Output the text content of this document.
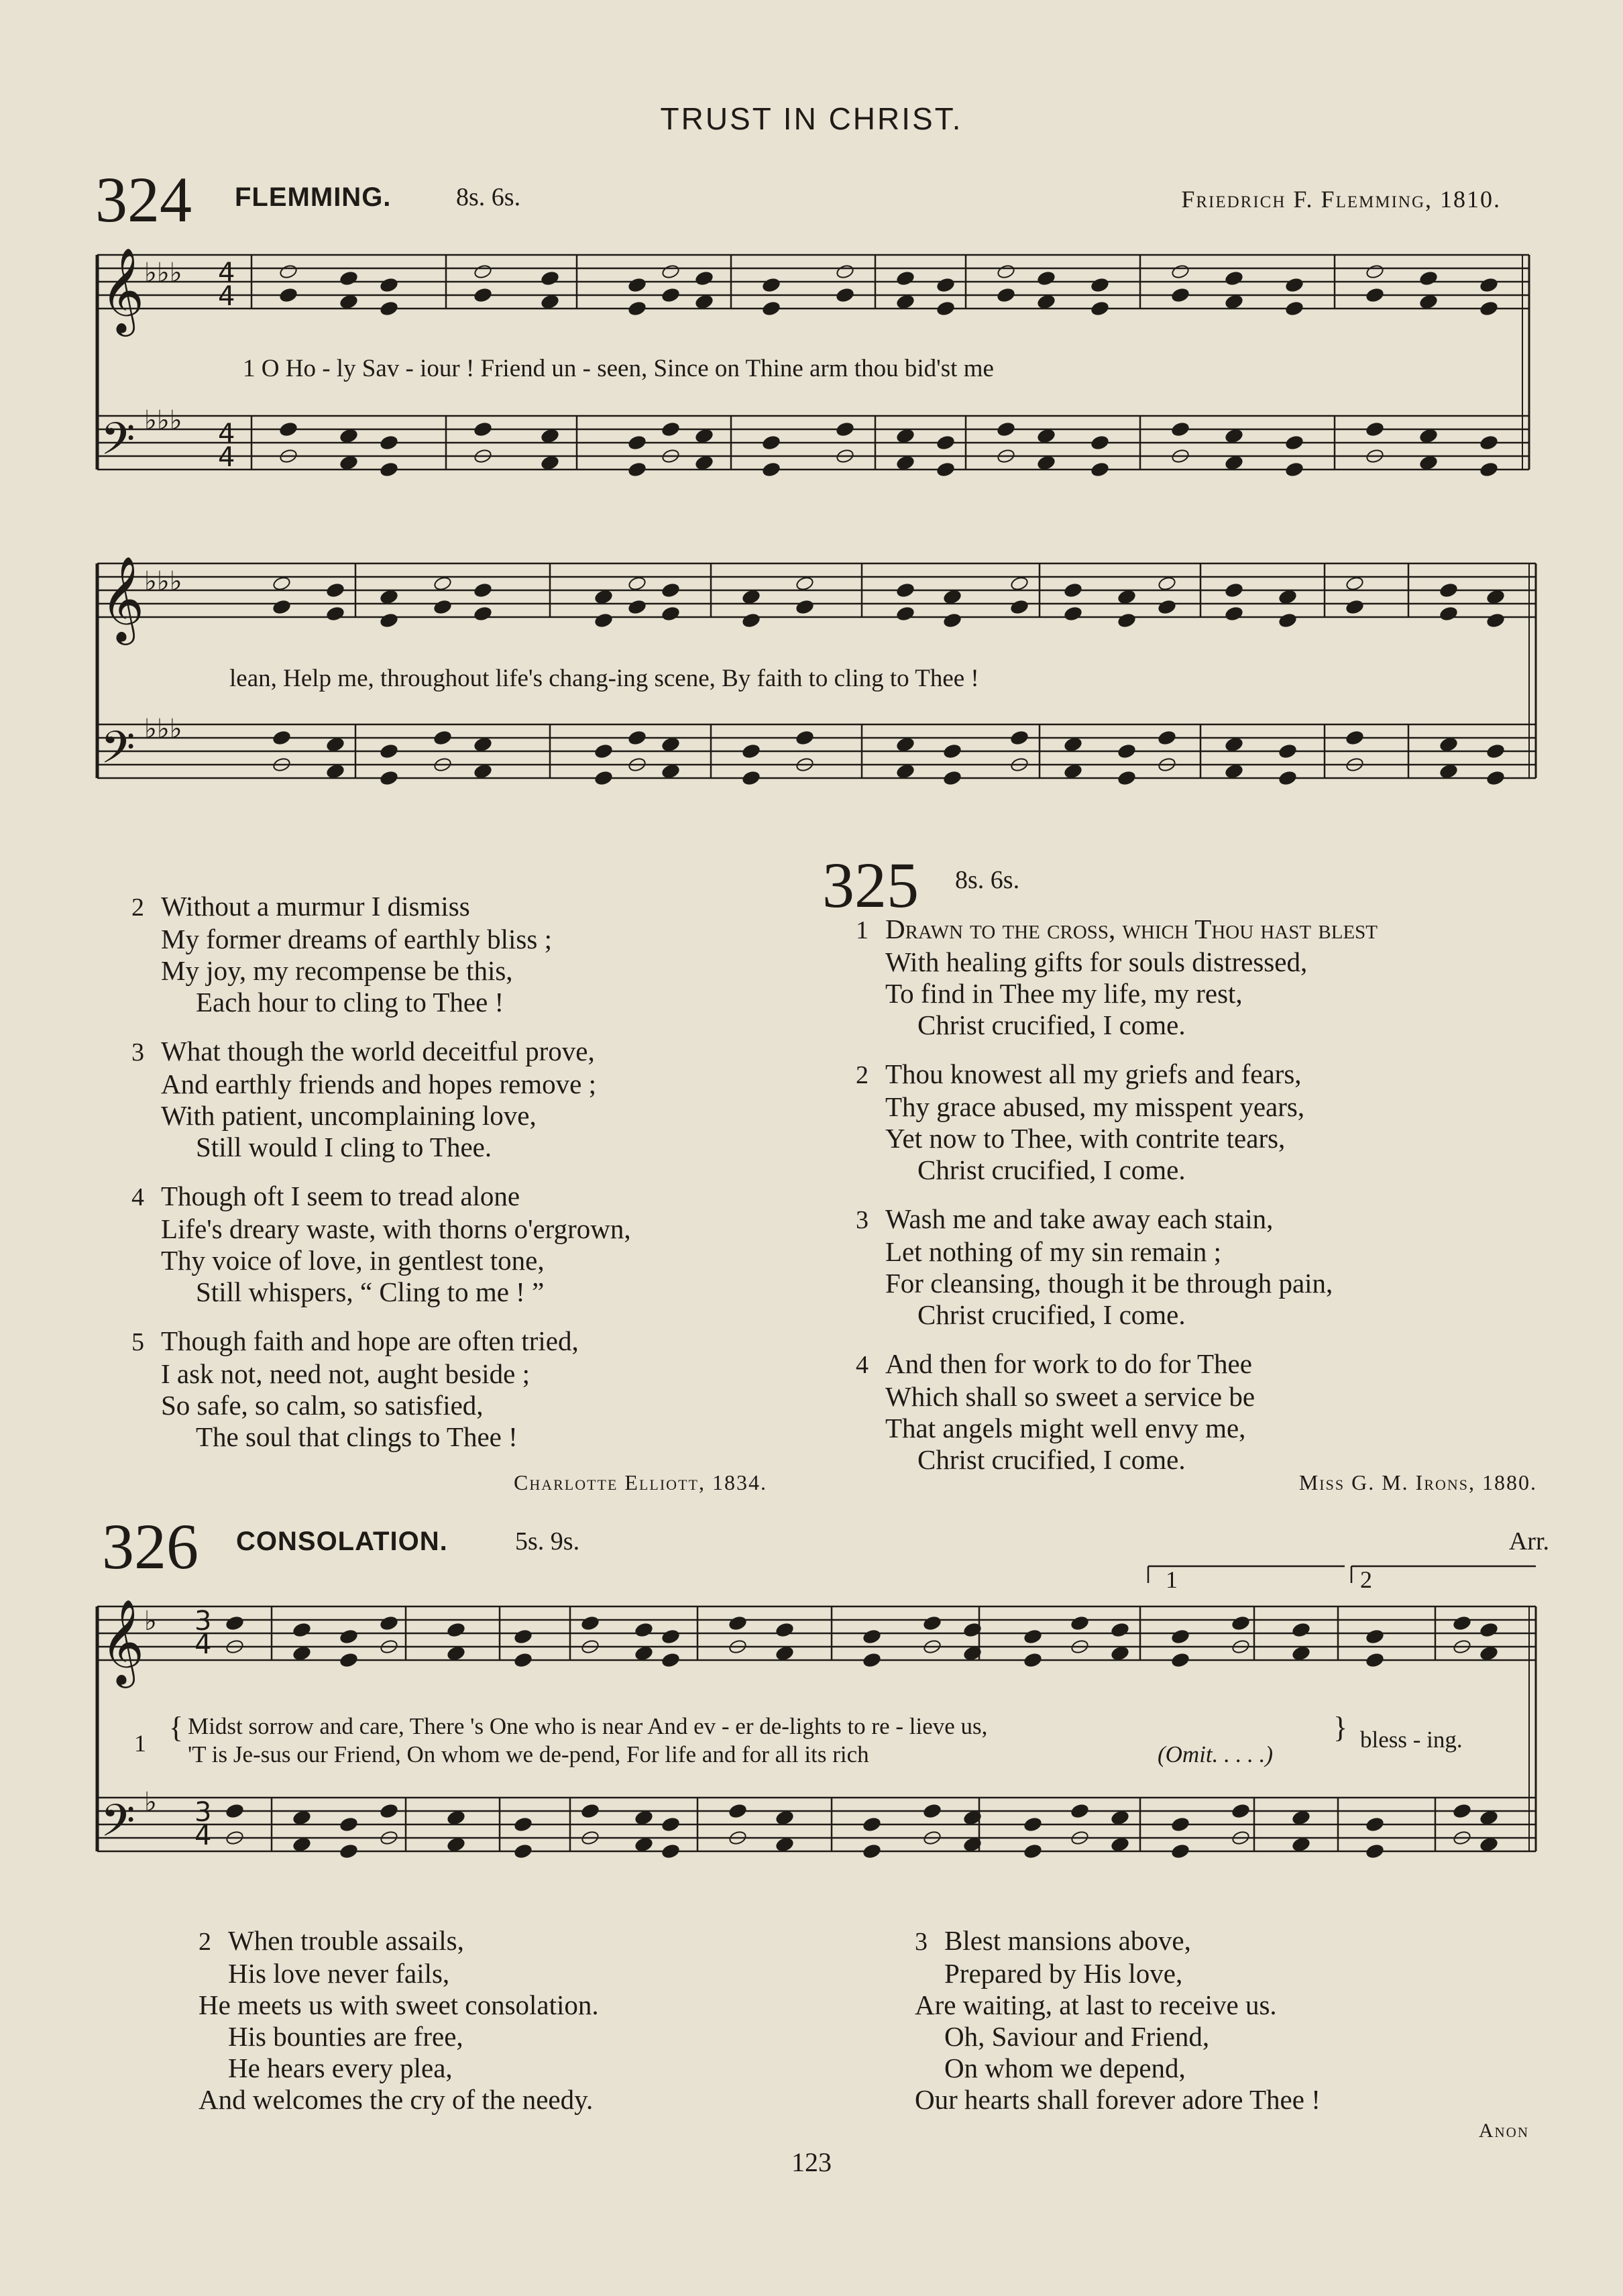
TRUST IN CHRIST.
324 FLEMMING.	8s. 6s.	Friedrich F. Flemming, 1810.
𝄞
𝄢
𝄞
𝄢
𝄞
𝄢
♭♭♭
♭♭♭
♭♭♭
♭♭♭
♭
♭
4
4
4
4
3
4
3
4
1 O Ho - ly Sav - iour ! Friend un - seen, Since on Thine arm thou bid'st me
lean, Help me, throughout life's chang-ing scene, By faith to cling to Thee !

2 Without a murmur I dismiss

My former dreams of earthly bliss ;

My joy, my recompense be this,

Each hour to cling to Thee !

3 What though the world deceitful prove,

And earthly friends and hopes remove ;

With patient, uncomplaining love,

Still would I cling to Thee.

4 Though oft I seem to tread alone

Life's dreary waste, with thorns o'ergrown,

Thy voice of love, in gentlest tone,

Still whispers, “ Cling to me ! ”

5 Though faith and hope are often tried,

I ask not, need not, aught beside ;

So safe, so calm, so satisfied,

The soul that clings to Thee !

Charlotte Elliott, 1834.
325 8s. 6s.

1 Drawn to the cross, which Thou hast blest

With healing gifts for souls distressed,

To find in Thee my life, my rest,

Christ crucified, I come.

2 Thou knowest all my griefs and fears,

Thy grace abused, my misspent years,

Yet now to Thee, with contrite tears,

Christ crucified, I come.

3 Wash me and take away each stain,

Let nothing of my sin remain ;

For cleansing, though it be through pain,

Christ crucified, I come.

4 And then for work to do for Thee

Which shall so sweet a service be

That angels might well envy me,

Christ crucified, I come.

Miss G. M. Irons, 1880.
326 CONSOLATION.	5s. 9s.	Arr.
1	2
1 { Midst sorrow and care, There 's One who is near And ev - er de-lights to re - lieve us,
'T is Je-sus our Friend, On whom we de-pend, For life and for all its rich	(Omit. . . . .)
} bless - ing.

2 When trouble assails,

His love never fails,

He meets us with sweet consolation.

His bounties are free,

He hears every plea,

And welcomes the cry of the needy.

3 Blest mansions above,

Prepared by His love,

Are waiting, at last to receive us.

Oh, Saviour and Friend,

On whom we depend,

Our hearts shall forever adore Thee !

Anon
123
